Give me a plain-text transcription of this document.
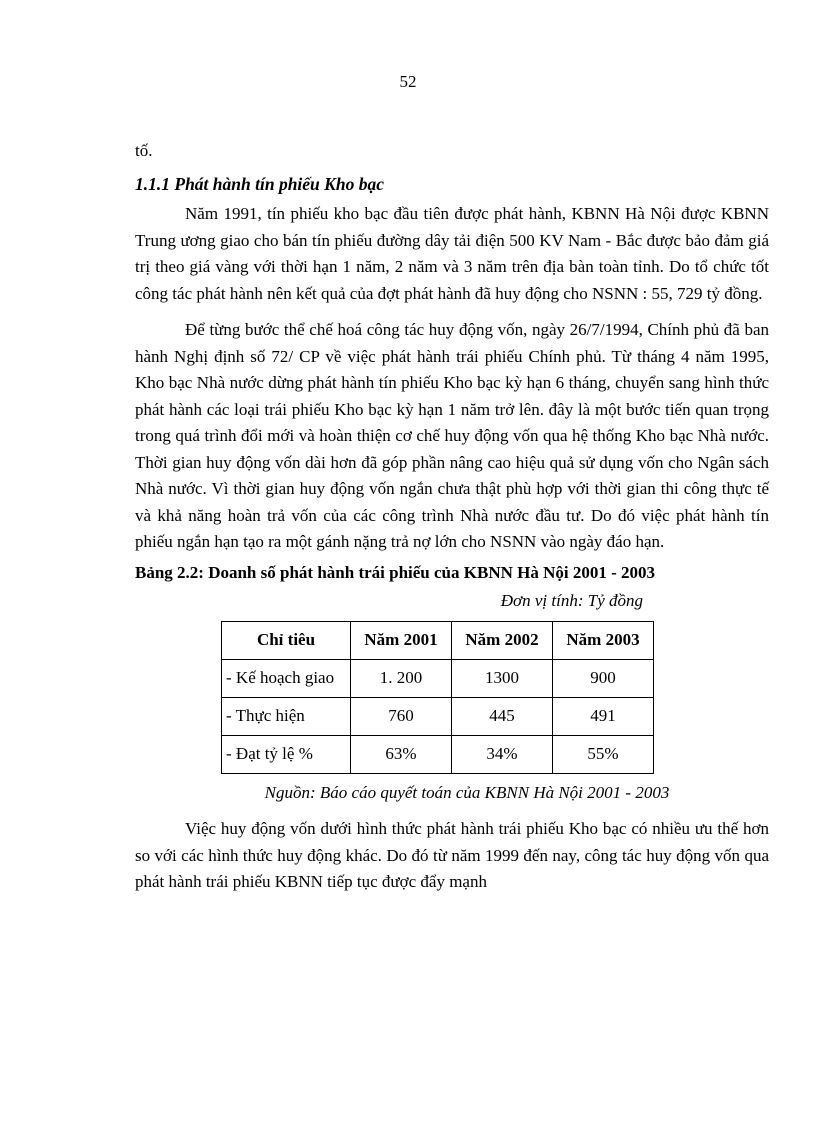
52

tố.

1.1.1 Phát hành tín phiếu Kho bạc

Năm 1991, tín phiếu kho bạc đầu tiên được phát hành, KBNN Hà Nội được KBNN Trung ương giao cho bán tín phiếu đường dây tải điện 500 KV Nam - Bắc được bảo đảm giá trị theo giá vàng với thời hạn 1 năm, 2 năm và 3 năm trên địa bàn toàn tỉnh. Do tổ chức tốt công tác phát hành nên kết quả của đợt phát hành đã huy động cho NSNN : 55, 729 tỷ đồng.

Để từng bước thể chế hoá công tác huy động vốn, ngày 26/7/1994, Chính phủ đã ban hành Nghị định số 72/ CP về việc phát hành trái phiếu Chính phủ. Từ tháng 4 năm 1995, Kho bạc Nhà nước dừng phát hành tín phiếu Kho bạc kỳ hạn 6 tháng, chuyển sang hình thức phát hành các loại trái phiếu Kho bạc kỳ hạn 1 năm trở lên. đây là một bước tiến quan trọng trong quá trình đổi mới và hoàn thiện cơ chế huy động vốn qua hệ thống Kho bạc Nhà nước. Thời gian huy động vốn dài hơn đã góp phần nâng cao hiệu quả sử dụng vốn cho Ngân sách Nhà nước. Vì thời gian huy động vốn ngắn chưa thật phù hợp với thời gian thi công thực tế và khả năng hoàn trả vốn của các công trình Nhà nước đầu tư. Do đó việc phát hành tín phiếu ngắn hạn tạo ra một gánh nặng trả nợ lớn cho NSNN vào ngày đáo hạn.

Bảng 2.2: Doanh số phát hành trái phiếu của KBNN Hà Nội 2001 - 2003

Đơn vị tính: Tỷ đồng

Chỉ tiêu	Năm 2001	Năm 2002	Năm 2003
- Kế hoạch giao	1. 200	1300	900
- Thực hiện	760	445	491
- Đạt tỷ lệ %	63%	34%	55%

Nguồn: Báo cáo quyết toán của KBNN Hà Nội 2001 - 2003

Việc huy động vốn dưới hình thức phát hành trái phiếu Kho bạc có nhiều ưu thế hơn so với các hình thức huy động khác. Do đó từ năm 1999 đến nay, công tác huy động vốn qua phát hành trái phiếu KBNN tiếp tục được đẩy mạnh
